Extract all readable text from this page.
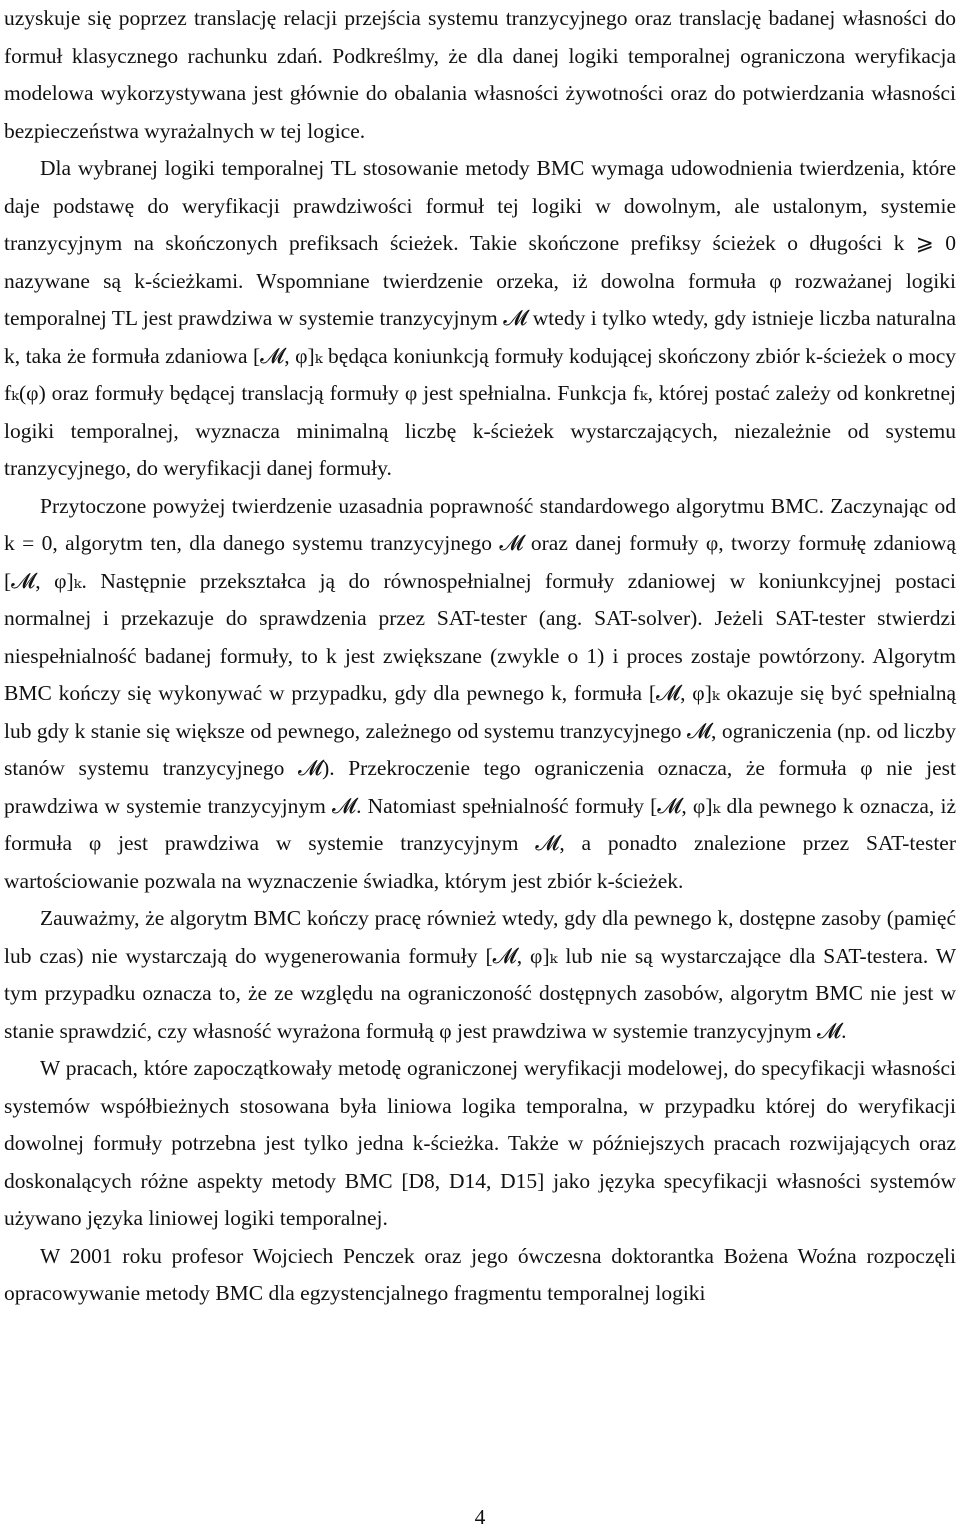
uzyskuje się poprzez translację relacji przejścia systemu tranzycyjnego oraz translację badanej własności do formuł klasycznego rachunku zdań. Podkreślmy, że dla danej logiki temporalnej ograniczona weryfikacja modelowa wykorzystywana jest głównie do obalania własności żywotności oraz do potwierdzania własności bezpieczeństwa wyrażalnych w tej logice.

Dla wybranej logiki temporalnej TL stosowanie metody BMC wymaga udowodnienia twierdzenia, które daje podstawę do weryfikacji prawdziwości formuł tej logiki w dowolnym, ale ustalonym, systemie tranzycyjnym na skończonych prefiksach ścieżek. Takie skończone prefiksy ścieżek o długości k ⩾ 0 nazywane są k-ścieżkami. Wspomniane twierdzenie orzeka, iż dowolna formuła φ rozważanej logiki temporalnej TL jest prawdziwa w systemie tranzycyjnym 𝓜 wtedy i tylko wtedy, gdy istnieje liczba naturalna k, taka że formuła zdaniowa [𝓜, φ]ₖ będąca koniunkcją formuły kodującej skończony zbiór k-ścieżek o mocy fₖ(φ) oraz formuły będącej translacją formuły φ jest spełnialna. Funkcja fₖ, której postać zależy od konkretnej logiki temporalnej, wyznacza minimalną liczbę k-ścieżek wystarczających, niezależnie od systemu tranzycyjnego, do weryfikacji danej formuły.

Przytoczone powyżej twierdzenie uzasadnia poprawność standardowego algorytmu BMC. Zaczynając od k = 0, algorytm ten, dla danego systemu tranzycyjnego 𝓜 oraz danej formuły φ, tworzy formułę zdaniową [𝓜, φ]ₖ. Następnie przekształca ją do równospełnialnej formuły zdaniowej w koniunkcyjnej postaci normalnej i przekazuje do sprawdzenia przez SAT-tester (ang. SAT-solver). Jeżeli SAT-tester stwierdzi niespełnialność badanej formuły, to k jest zwiększane (zwykle o 1) i proces zostaje powtórzony. Algorytm BMC kończy się wykonywać w przypadku, gdy dla pewnego k, formuła [𝓜, φ]ₖ okazuje się być spełnialną lub gdy k stanie się większe od pewnego, zależnego od systemu tranzycyjnego 𝓜, ograniczenia (np. od liczby stanów systemu tranzycyjnego 𝓜). Przekroczenie tego ograniczenia oznacza, że formuła φ nie jest prawdziwa w systemie tranzycyjnym 𝓜. Natomiast spełnialność formuły [𝓜, φ]ₖ dla pewnego k oznacza, iż formuła φ jest prawdziwa w systemie tranzycyjnym 𝓜, a ponadto znalezione przez SAT-tester wartościowanie pozwala na wyznaczenie świadka, którym jest zbiór k-ścieżek.

Zauważmy, że algorytm BMC kończy pracę również wtedy, gdy dla pewnego k, dostępne zasoby (pamięć lub czas) nie wystarczają do wygenerowania formuły [𝓜, φ]ₖ lub nie są wystarczające dla SAT-testera. W tym przypadku oznacza to, że ze względu na ograniczoność dostępnych zasobów, algorytm BMC nie jest w stanie sprawdzić, czy własność wyrażona formułą φ jest prawdziwa w systemie tranzycyjnym 𝓜.

W pracach, które zapoczątkowały metodę ograniczonej weryfikacji modelowej, do specyfikacji własności systemów współbieżnych stosowana była liniowa logika temporalna, w przypadku której do weryfikacji dowolnej formuły potrzebna jest tylko jedna k-ścieżka. Także w późniejszych pracach rozwijających oraz doskonalących różne aspekty metody BMC [D8, D14, D15] jako języka specyfikacji własności systemów używano języka liniowej logiki temporalnej.

W 2001 roku profesor Wojciech Penczek oraz jego ówczesna doktorantka Bożena Woźna rozpoczęli opracowywanie metody BMC dla egzystencjalnego fragmentu temporalnej logiki

4
